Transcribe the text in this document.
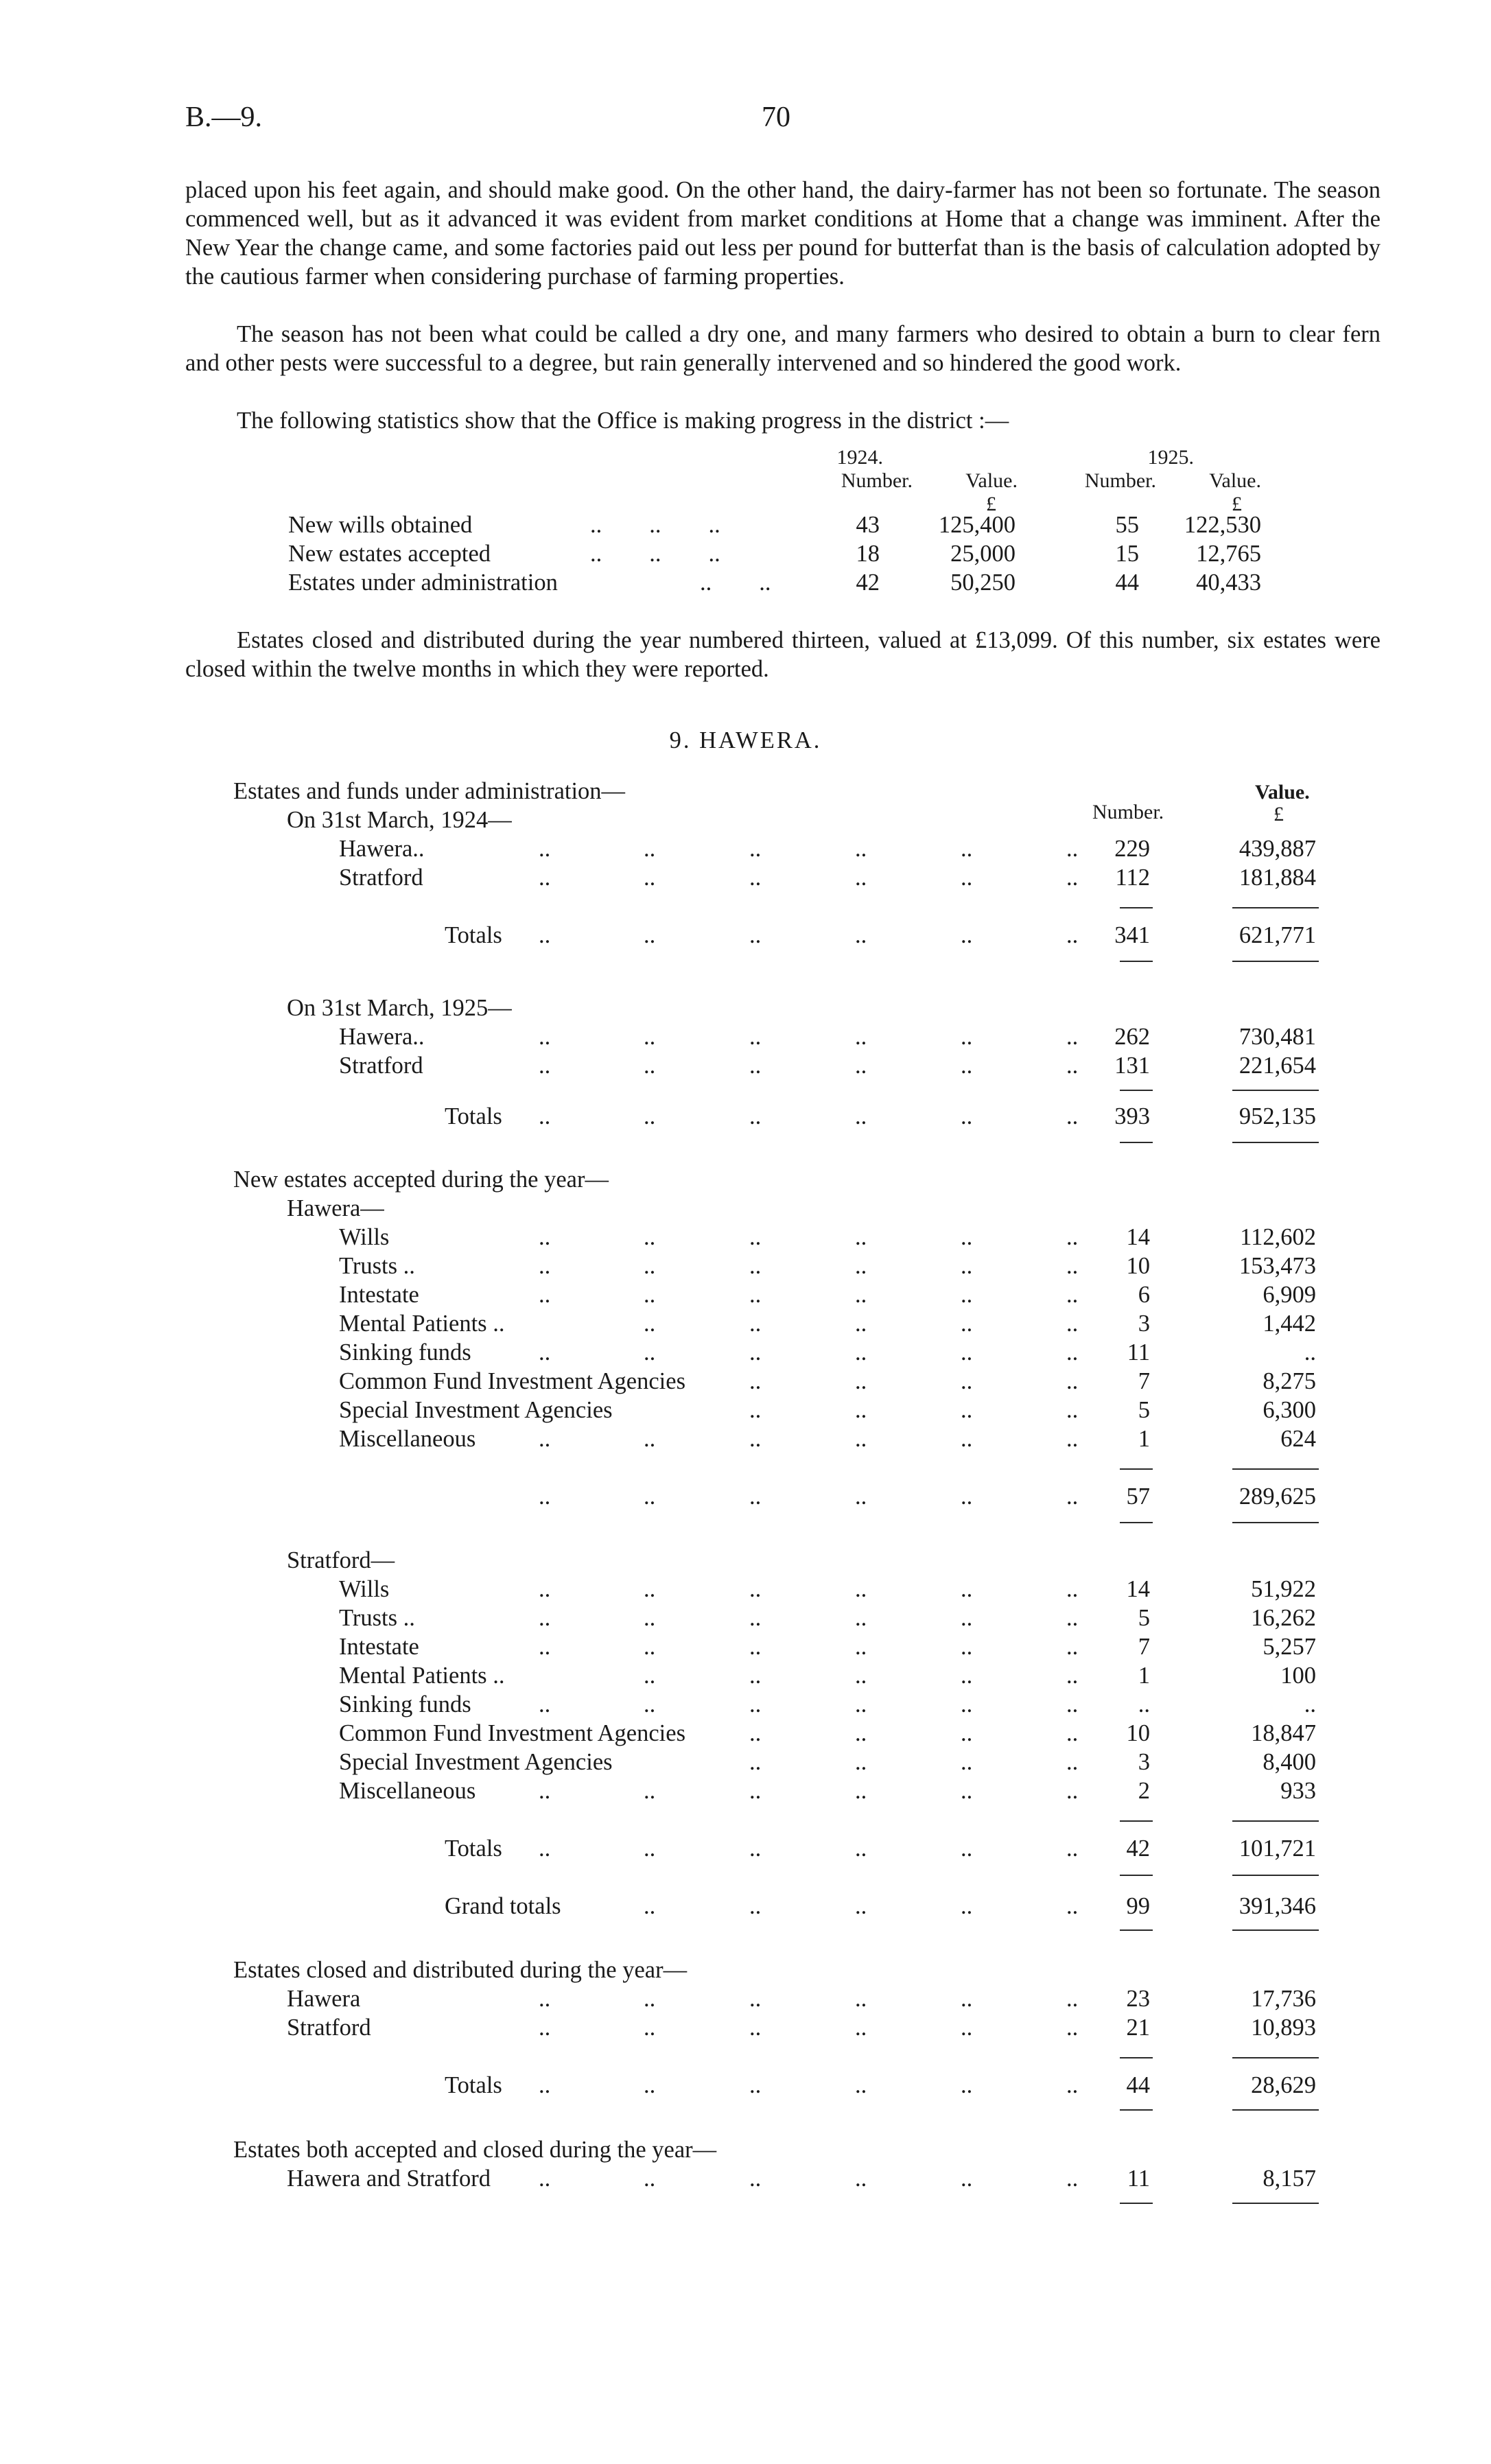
B.—9.	70

placed upon his feet again, and should make good. On the other hand, the dairy-farmer has not been so fortunate. The season commenced well, but as it advanced it was evident from market conditions at Home that a change was imminent. After the New Year the change came, and some factories paid out less per pound for butterfat than is the basis of calculation adopted by the cautious farmer when considering purchase of farming properties.

The season has not been what could be called a dry one, and many farmers who desired to obtain a burn to clear fern and other pests were successful to a degree, but rain generally intervened and so hindered the good work.

The following statistics show that the Office is making progress in the district :—

1924.	1925.
Number.	Value.	Number.	Value.
£	£
New wills obtained	..        ..        ..	43	125,400	55	122,530
New estates accepted	..        ..        ..	18	25,000	15	12,765
Estates under administration	..        ..	42	50,250	44	40,433

Estates closed and distributed during the year numbered thirteen, valued at £13,099. Of this number, six estates were closed within the twelve months in which they were reported.

9. HAWERA.
Number.
Value.
£
Estates and funds under administration—
On 31st March, 1924—
Hawera..	..	..	..	..	..	..	229	439,887
Stratford	..	..	..	..	..	..	112	181,884
Totals ..	..	..	..	..	..	341	621,771
On 31st March, 1925—
Hawera..	..	..	..	..	..	..	262	730,481
Stratford	..	..	..	..	..	..	131	221,654
Totals ..	..	..	..	..	..	393	952,135
New estates accepted during the year—
Hawera—
Wills	..	..	..	..	..	..	14	112,602
Trusts ..	..	..	..	..	..	..	10	153,473
Intestate	..	..	..	..	..	..	6	6,909
Mental Patients ..	..	..	..	..	..	3	1,442
Sinking funds	..	..	..	..	..	..	11	..
Common Fund Investment Agencies	..	..	..	..	7	8,275
Special Investment Agencies	..	..	..	..	5	6,300
Miscellaneous	..	..	..	..	..	..	1	624
..	..	..	..	..	..	57	289,625
Stratford—
Wills	..	..	..	..	..	..	14	51,922
Trusts ..	..	..	..	..	..	..	5	16,262
Intestate	..	..	..	..	..	..	7	5,257
Mental Patients ..	..	..	..	..	..	1	100
Sinking funds	..	..	..	..	..	..	..	..
Common Fund Investment Agencies	..	..	..	..	10	18,847
Special Investment Agencies	..	..	..	..	3	8,400
Miscellaneous	..	..	..	..	..	..	2	933
Totals ..	..	..	..	..	..	42	101,721
Grand totals	..	..	..	..	..	99	391,346
Estates closed and distributed during the year—
Hawera	..	..	..	..	..	..	23	17,736
Stratford	..	..	..	..	..	..	21	10,893
Totals ..	..	..	..	..	..	44	28,629
Estates both accepted and closed during the year—
Hawera and Stratford ..	..	..	..	..	..	11	8,157
